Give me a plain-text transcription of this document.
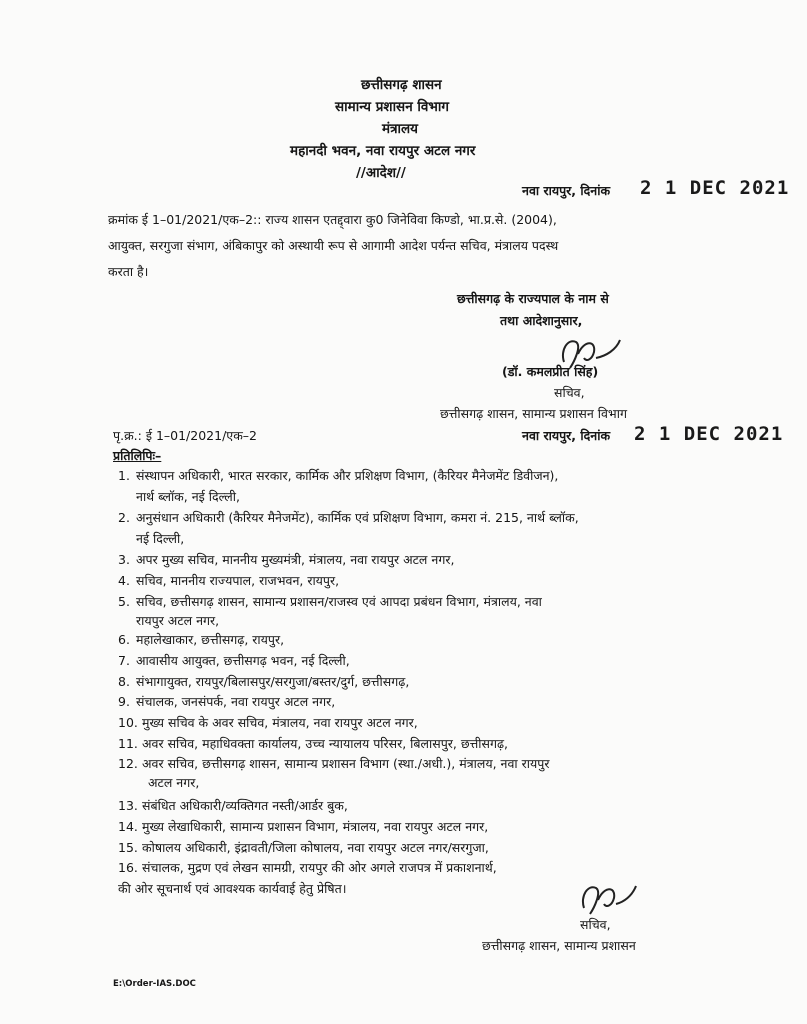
छत्तीसगढ़ शासन
सामान्य प्रशासन विभाग
मंत्रालय
महानदी भवन, नवा रायपुर अटल नगर
//आदेश//
नवा रायपुर, दिनांक 2 1 DEC 2021
क्रमांक ई 1–01/2021/एक–2:: राज्य शासन एतद्द्वारा कु0 जिनेविवा किण्डो, भा.प्र.से. (2004),
आयुक्त, सरगुजा संभाग, अंबिकापुर को अस्थायी रूप से आगामी आदेश पर्यन्त सचिव, मंत्रालय पदस्थ
करता है।
छत्तीसगढ़ के राज्यपाल के नाम से
तथा आदेशानुसार,
(डॉ. कमलप्रीत सिंह)
सचिव,
छत्तीसगढ़ शासन, सामान्य प्रशासन विभाग
पृ.क्र.: ई 1–01/2021/एक–2	नवा रायपुर, दिनांक 2 1 DEC 2021
प्रतिलिपिः–
1. संस्थापन अधिकारी, भारत सरकार, कार्मिक और प्रशिक्षण विभाग, (कैरियर मैनेजमेंट डिवीजन),
नार्थ ब्लॉक, नई दिल्ली,
2. अनुसंधान अधिकारी (कैरियर मैनेजमेंट), कार्मिक एवं प्रशिक्षण विभाग, कमरा नं. 215, नार्थ ब्लॉक,
नई दिल्ली,
3. अपर मुख्य सचिव, माननीय मुख्यमंत्री, मंत्रालय, नवा रायपुर अटल नगर,
4. सचिव, माननीय राज्यपाल, राजभवन, रायपुर,
5. सचिव, छत्तीसगढ़ शासन, सामान्य प्रशासन/राजस्व एवं आपदा प्रबंधन विभाग, मंत्रालय, नवा
रायपुर अटल नगर,
6. महालेखाकार, छत्तीसगढ़, रायपुर,
7. आवासीय आयुक्त, छत्तीसगढ़ भवन, नई दिल्ली,
8. संभागायुक्त, रायपुर/बिलासपुर/सरगुजा/बस्तर/दुर्ग, छत्तीसगढ़,
9. संचालक, जनसंपर्क, नवा रायपुर अटल नगर,
10. मुख्य सचिव के अवर सचिव, मंत्रालय, नवा रायपुर अटल नगर,
11. अवर सचिव, महाधिवक्ता कार्यालय, उच्च न्यायालय परिसर, बिलासपुर, छत्तीसगढ़,
12. अवर सचिव, छत्तीसगढ़ शासन, सामान्य प्रशासन विभाग (स्था./अधी.), मंत्रालय, नवा रायपुर
अटल नगर,
13. संबंधित अधिकारी/व्यक्तिगत नस्ती/आर्डर बुक,
14. मुख्य लेखाधिकारी, सामान्य प्रशासन विभाग, मंत्रालय, नवा रायपुर अटल नगर,
15. कोषालय अधिकारी, इंद्रावती/जिला कोषालय, नवा रायपुर अटल नगर/सरगुजा,
16. संचालक, मुद्रण एवं लेखन सामग्री, रायपुर की ओर अगले राजपत्र में प्रकाशनार्थ,
की ओर सूचनार्थ एवं आवश्यक कार्यवाई हेतु प्रेषित।
सचिव,
छत्तीसगढ़ शासन, सामान्य प्रशासन
E:\Order-IAS.DOC
